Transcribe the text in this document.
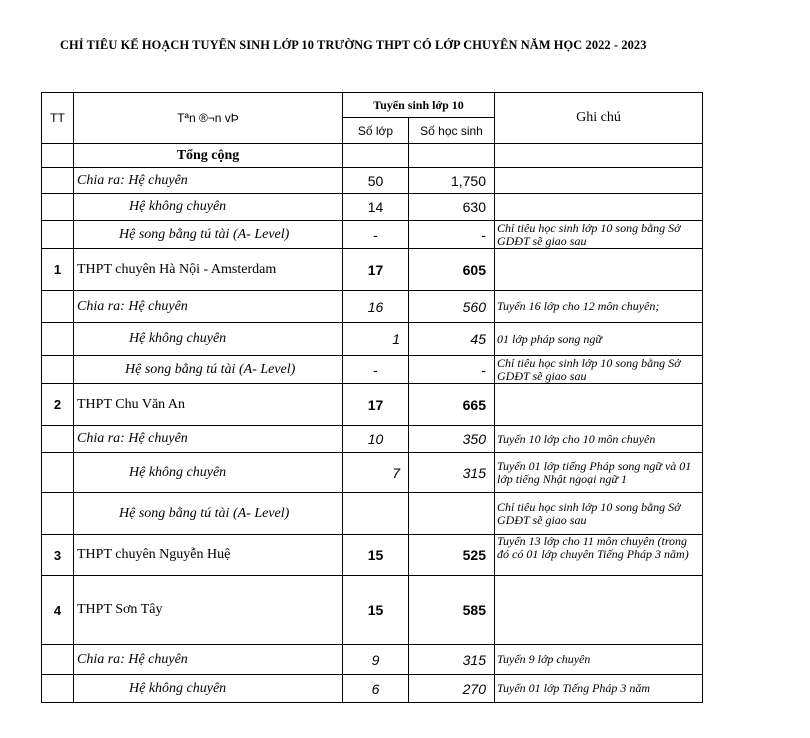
CHỈ TIÊU KẾ HOẠCH TUYỂN SINH LỚP 10 TRƯỜNG THPT CÓ LỚP CHUYÊN NĂM HỌC 2022 - 2023
TT	Tªn ®¬n vÞ	Tuyển sinh lớp 10		Ghi chú
		Số lớp	Số học sinh	
	Tổng cộng			
	Chia ra: Hệ chuyên	50	1,750	
	Hệ không chuyên	14	630	
	Hệ song bằng tú tài (A- Level)	-	-	Chỉ tiêu học sinh lớp 10 song bằng Sở GDĐT sẽ giao sau
1	THPT chuyên Hà Nội - Amsterdam	17	605	
	Chia ra: Hệ chuyên	16	560	Tuyển 16 lớp cho 12 môn chuyên;
	Hệ không chuyên	1	45	01 lớp pháp song ngữ
	Hệ song bằng tú tài (A- Level)	-	-	Chỉ tiêu học sinh lớp 10 song bằng Sở GDĐT sẽ giao sau
2	THPT Chu Văn An	17	665	
	Chia ra: Hệ chuyên	10	350	Tuyển 10 lớp cho 10 môn chuyên
	Hệ không chuyên	7	315	Tuyển 01 lớp tiếng Pháp song ngữ và 01 lớp tiếng Nhật ngoại ngữ 1
	Hệ song bằng tú tài (A- Level)			Chỉ tiêu học sinh lớp 10 song bằng Sở GDĐT sẽ giao sau
3	THPT chuyên Nguyễn Huệ	15	525	Tuyển 13 lớp cho 11 môn chuyên (trong đó có 01 lớp chuyên Tiếng Pháp 3 năm)

4	THPT Sơn Tây	15	585	
	Chia ra: Hệ chuyên	9	315	Tuyển 9 lớp chuyên
	Hệ không chuyên	6	270	Tuyển 01 lớp Tiếng Pháp 3 năm
